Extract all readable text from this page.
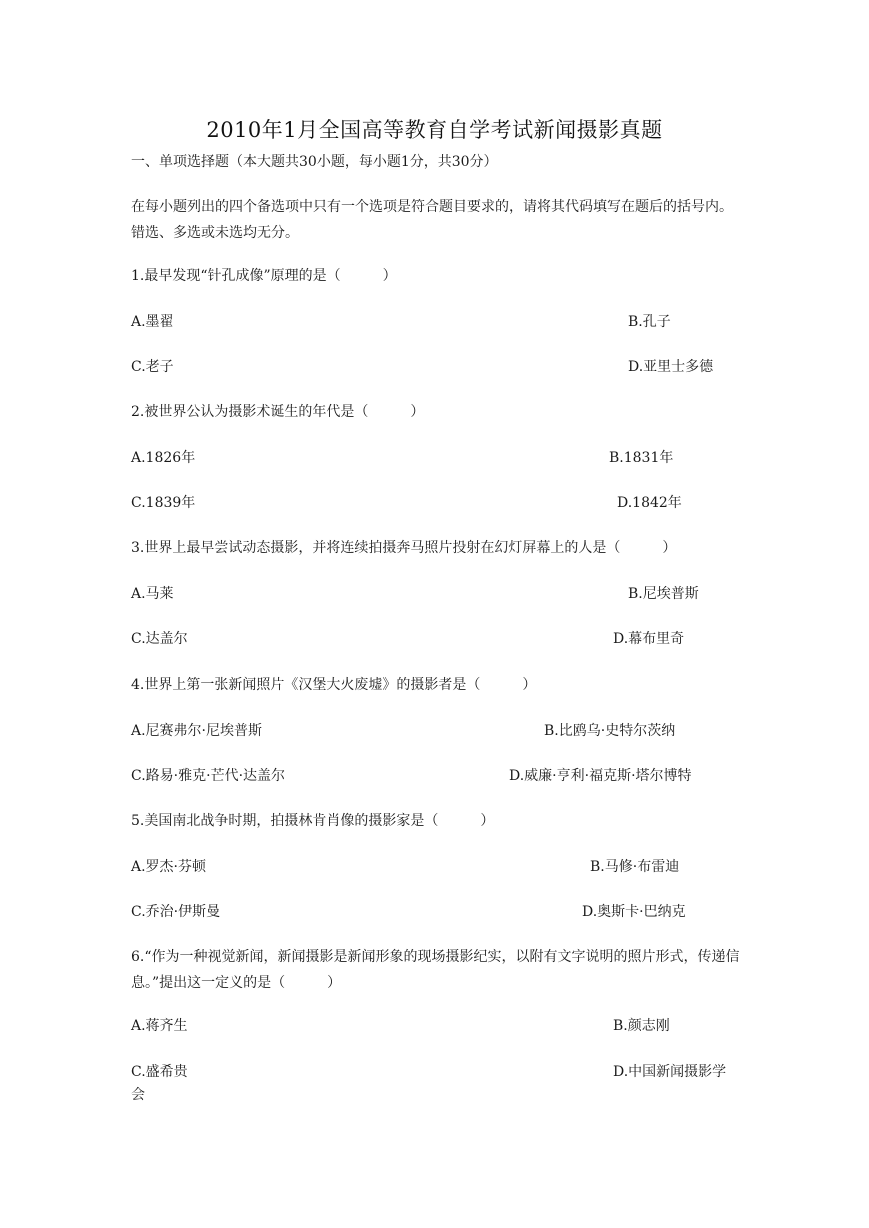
2010年1月全国高等教育自学考试新闻摄影真题
一、单项选择题（本大题共30小题，每小题1分，共30分）
在每小题列出的四个备选项中只有一个选项是符合题目要求的，请将其代码填写在题后的括号内。错选、多选或未选均无分。
1.最早发现“针孔成像”原理的是（　　　）
A.墨翟	B.孔子
C.老子	D.亚里士多德
2.被世界公认为摄影术诞生的年代是（　　　）
A.1826年	B.1831年
C.1839年	D.1842年
3.世界上最早尝试动态摄影，并将连续拍摄奔马照片投射在幻灯屏幕上的人是（　　　）
A.马莱	B.尼埃普斯
C.达盖尔	D.幕布里奇
4.世界上第一张新闻照片《汉堡大火废墟》的摄影者是（　　　）
A.尼赛弗尔·尼埃普斯	B.比鸥乌·史特尔茨纳
C.路易·雅克·芒代·达盖尔	D.威廉·亨利·福克斯·塔尔博特
5.美国南北战争时期，拍摄林肯肖像的摄影家是（　　　）
A.罗杰·芬顿	B.马修·布雷迪
C.乔治·伊斯曼	D.奥斯卡·巴纳克
6.“作为一种视觉新闻，新闻摄影是新闻形象的现场摄影纪实，以附有文字说明的照片形式，传递信息。”提出这一定义的是（　　　）
A.蒋齐生	B.颜志刚
C.盛希贵	D.中国新闻摄影学
会
